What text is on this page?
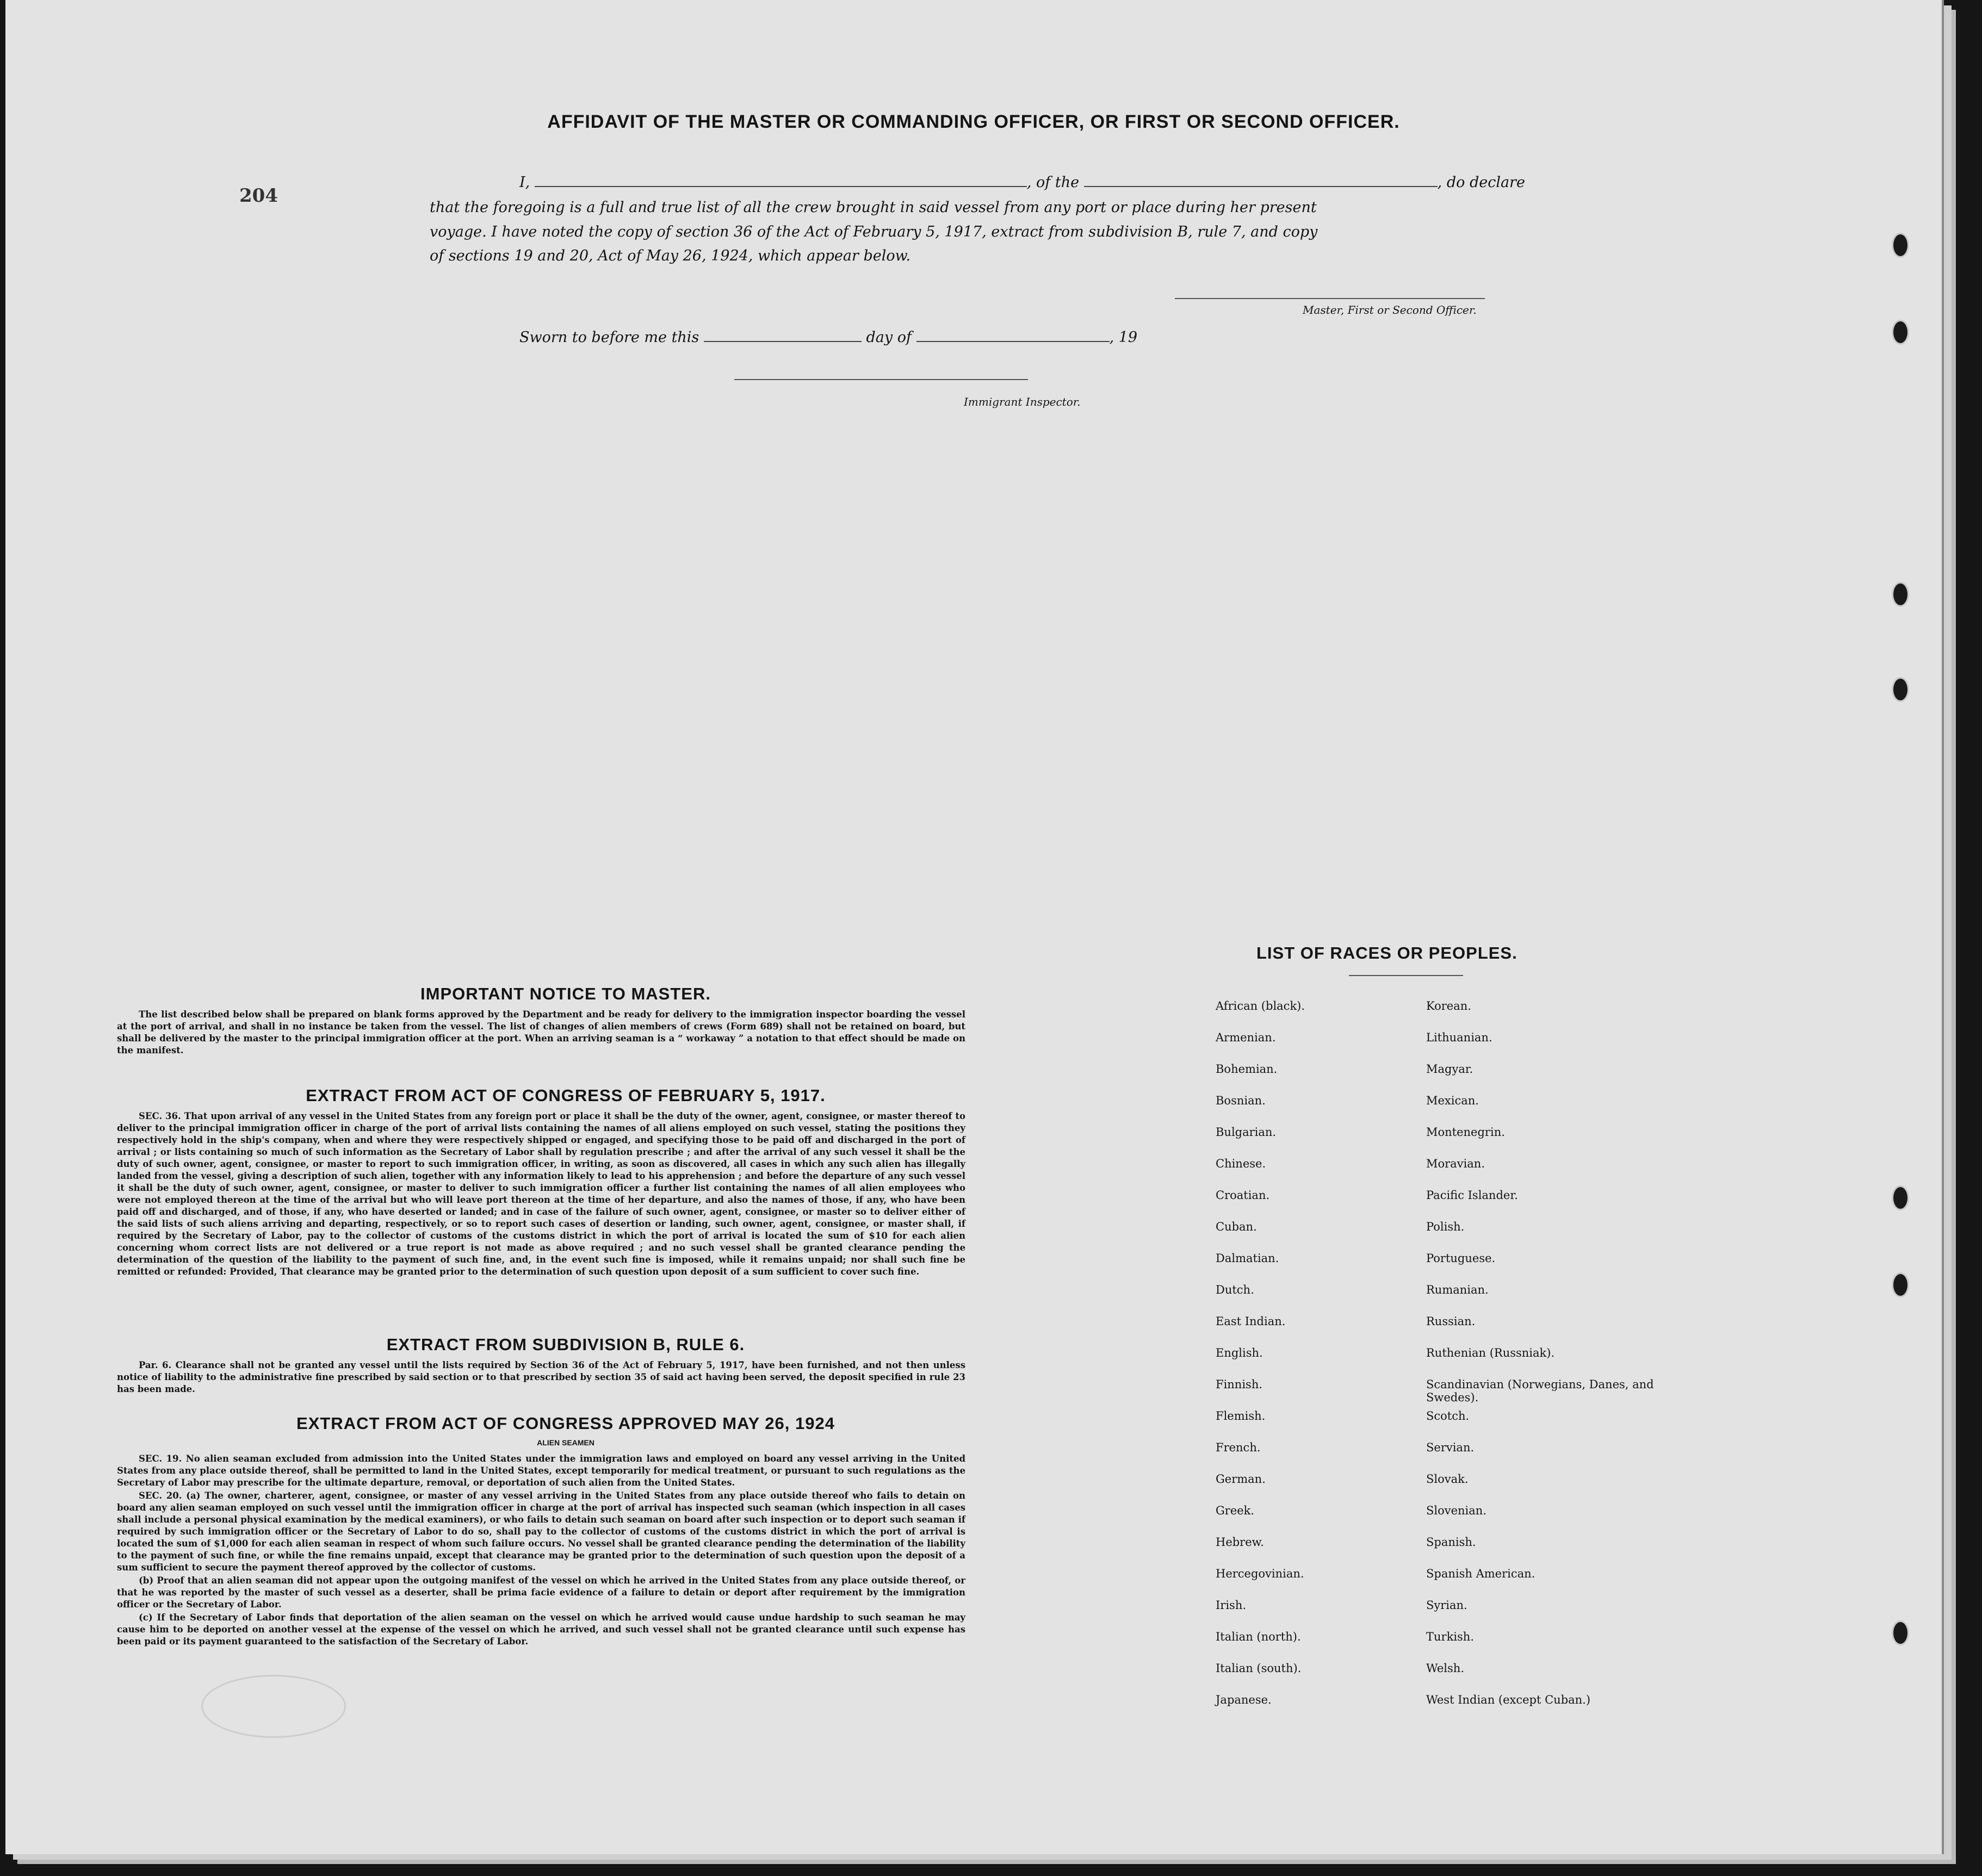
204
AFFIDAVIT OF THE MASTER OR COMMANDING OFFICER, OR FIRST OR SECOND OFFICER.
I,	, of the	, do declare
that the foregoing is a full and true list of all the crew brought in said vessel from any port or place during her present
voyage. I have noted the copy of section 36 of the Act of February 5, 1917, extract from subdivision B, rule 7, and copy
of sections 19 and 20, Act of May 26, 1924, which appear below.
Master, First or Second Officer.
Sworn to before me this	day of	, 19
Immigrant Inspector.
IMPORTANT NOTICE TO MASTER.

The list described below shall be prepared on blank forms approved by the Department and be ready for delivery to the immigration inspector boarding the vessel at the port of arrival, and shall in no instance be taken from the vessel. The list of changes of alien members of crews (Form 689) shall not be retained on board, but shall be delivered by the master to the principal immigration officer at the port. When an arriving seaman is a “ workaway ” a notation to that effect should be made on the manifest.

EXTRACT FROM ACT OF CONGRESS OF FEBRUARY 5, 1917.

SEC. 36. That upon arrival of any vessel in the United States from any foreign port or place it shall be the duty of the owner, agent, consignee, or master thereof to deliver to the principal immigration officer in charge of the port of arrival lists containing the names of all aliens employed on such vessel, stating the positions they respectively hold in the ship's company, when and where they were respectively shipped or engaged, and specifying those to be paid off and discharged in the port of arrival ; or lists containing so much of such information as the Secretary of Labor shall by regulation prescribe ; and after the arrival of any such vessel it shall be the duty of such owner, agent, consignee, or master to report to such immigration officer, in writing, as soon as discovered, all cases in which any such alien has illegally landed from the vessel, giving a description of such alien, together with any information likely to lead to his apprehension ; and before the departure of any such vessel it shall be the duty of such owner, agent, consignee, or master to deliver to such immigration officer a further list containing the names of all alien employees who were not employed thereon at the time of the arrival but who will leave port thereon at the time of her departure, and also the names of those, if any, who have been paid off and discharged, and of those, if any, who have deserted or landed; and in case of the failure of such owner, agent, consignee, or master so to deliver either of the said lists of such aliens arriving and departing, respectively, or so to report such cases of desertion or landing, such owner, agent, consignee, or master shall, if required by the Secretary of Labor, pay to the collector of customs of the customs district in which the port of arrival is located the sum of $10 for each alien concerning whom correct lists are not delivered or a true report is not made as above required ; and no such vessel shall be granted clearance pending the determination of the question of the liability to the payment of such fine, and, in the event such fine is imposed, while it remains unpaid; nor shall such fine be remitted or refunded: Provided, That clearance may be granted prior to the determination of such question upon deposit of a sum sufficient to cover such fine.

EXTRACT FROM SUBDIVISION B, RULE 6.

Par. 6. Clearance shall not be granted any vessel until the lists required by Section 36 of the Act of February 5, 1917, have been furnished, and not then unless notice of liability to the administrative fine prescribed by said section or to that prescribed by section 35 of said act having been served, the deposit specified in rule 23 has been made.

EXTRACT FROM ACT OF CONGRESS APPROVED MAY 26, 1924
ALIEN SEAMEN

SEC. 19. No alien seaman excluded from admission into the United States under the immigration laws and employed on board any vessel arriving in the United States from any place outside thereof, shall be permitted to land in the United States, except temporarily for medical treatment, or pursuant to such regulations as the Secretary of Labor may prescribe for the ultimate departure, removal, or deportation of such alien from the United States.

SEC. 20. (a) The owner, charterer, agent, consignee, or master of any vessel arriving in the United States from any place outside thereof who fails to detain on board any alien seaman employed on such vessel until the immigration officer in charge at the port of arrival has inspected such seaman (which inspection in all cases shall include a personal physical examination by the medical examiners), or who fails to detain such seaman on board after such inspection or to deport such seaman if required by such immigration officer or the Secretary of Labor to do so, shall pay to the collector of customs of the customs district in which the port of arrival is located the sum of $1,000 for each alien seaman in respect of whom such failure occurs. No vessel shall be granted clearance pending the determination of the liability to the payment of such fine, or while the fine remains unpaid, except that clearance may be granted prior to the determination of such question upon the deposit of a sum sufficient to secure the payment thereof approved by the collector of customs.

(b) Proof that an alien seaman did not appear upon the outgoing manifest of the vessel on which he arrived in the United States from any place outside thereof, or that he was reported by the master of such vessel as a deserter, shall be prima facie evidence of a failure to detain or deport after requirement by the immigration officer or the Secretary of Labor.

(c) If the Secretary of Labor finds that deportation of the alien seaman on the vessel on which he arrived would cause undue hardship to such seaman he may cause him to be deported on another vessel at the expense of the vessel on which he arrived, and such vessel shall not be granted clearance until such expense has been paid or its payment guaranteed to the satisfaction of the Secretary of Labor.

LIST OF RACES OR PEOPLES.
African (black).
Armenian.
Bohemian.
Bosnian.
Bulgarian.
Chinese.
Croatian.
Cuban.
Dalmatian.
Dutch.
East Indian.
English.
Finnish.
Flemish.
French.
German.
Greek.
Hebrew.
Hercegovinian.
Irish.
Italian (north).
Italian (south).
Japanese.
Korean.
Lithuanian.
Magyar.
Mexican.
Montenegrin.
Moravian.
Pacific Islander.
Polish.
Portuguese.
Rumanian.
Russian.
Ruthenian (Russniak).
Scandinavian (Norwegians, Danes, and Swedes).
Scotch.
Servian.
Slovak.
Slovenian.
Spanish.
Spanish American.
Syrian.
Turkish.
Welsh.
West Indian (except Cuban.)
